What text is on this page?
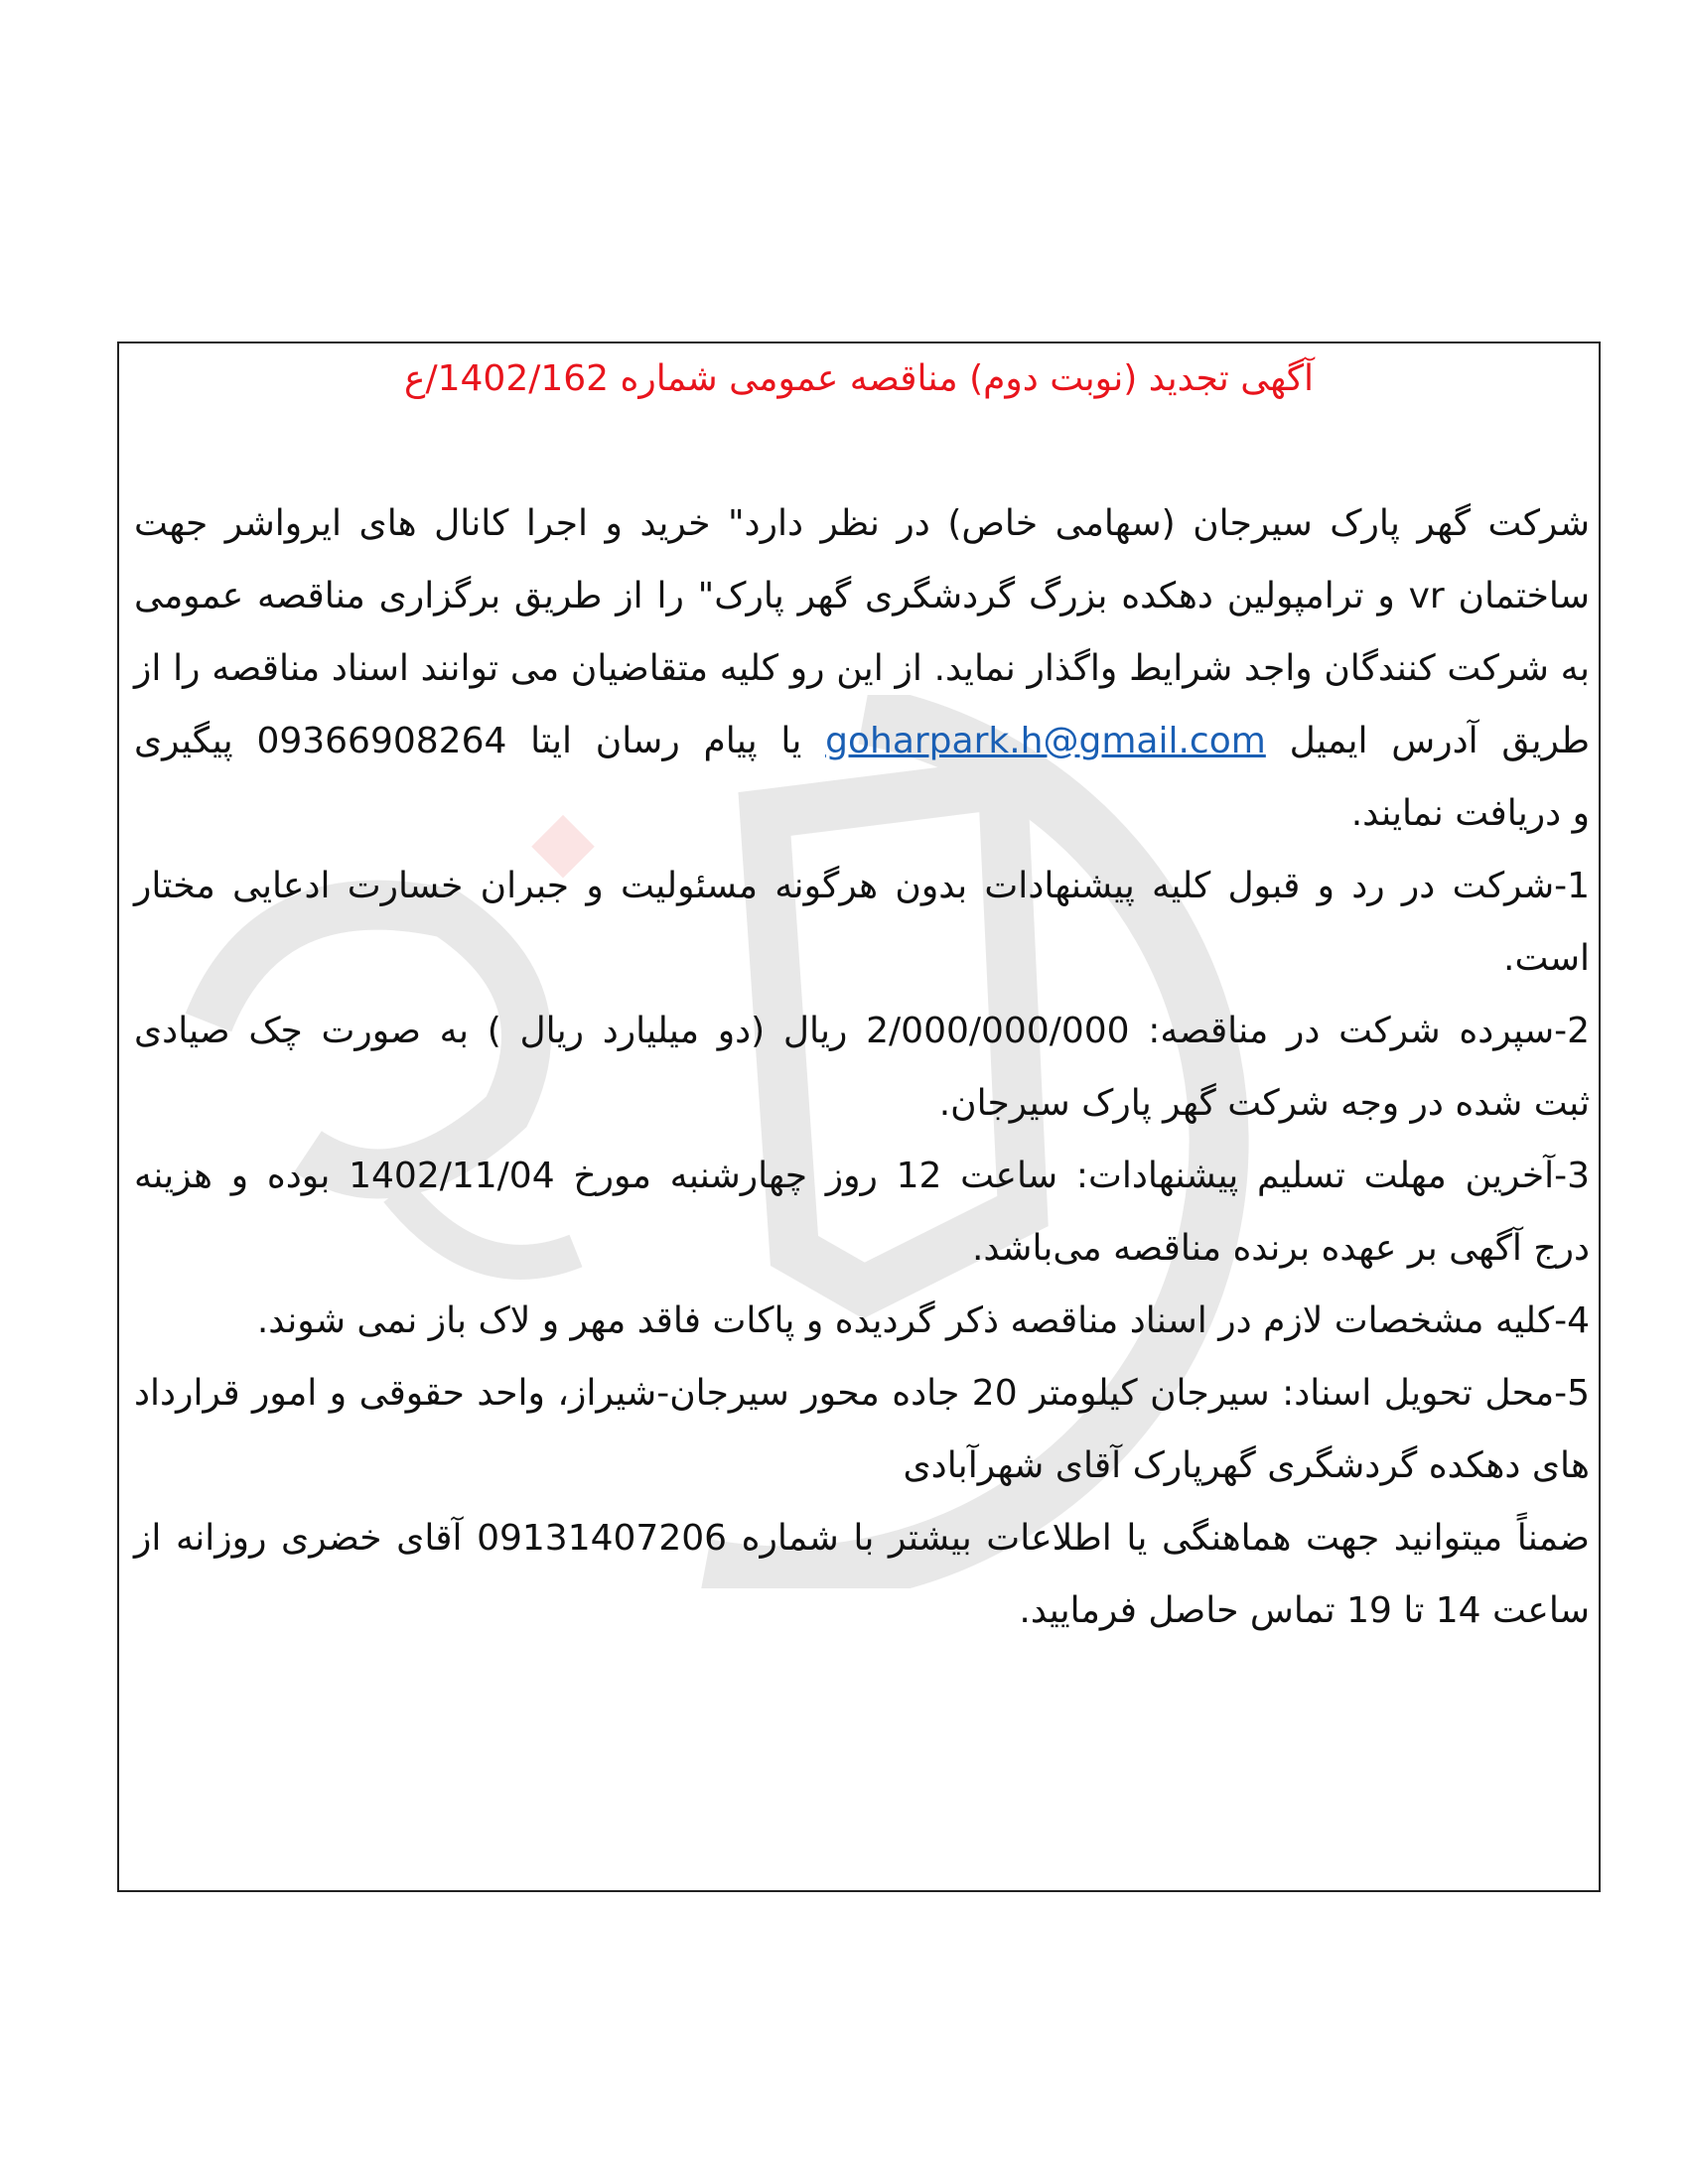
آگهی تجدید (نوبت دوم) مناقصه عمومی شماره 1402/162/ع
شرکت گهر پارک سیرجان (سهامی خاص) در نظر دارد" خرید و اجرا کانال های ایرواشر جهت
ساختمان vr و ترامپولین دهکده بزرگ گردشگری گهر پارک" را از طریق برگزاری مناقصه عمومی
به شرکت کنندگان واجد شرایط واگذار نماید. از این رو کلیه متقاضیان می توانند اسناد مناقصه را از
طریق آدرس ایمیل goharpark.h@gmail.com یا پیام رسان ایتا 09366908264 پیگیری
و دریافت نمایند.
1-شرکت در رد و قبول کلیه پیشنهادات بدون هرگونه مسئولیت و جبران خسارت ادعایی مختار
است.
2-سپرده شرکت در مناقصه: 2/000/000/000 ریال (دو میلیارد ریال ) به صورت چک صیادی
ثبت شده در وجه شرکت گهر پارک سیرجان.
3-آخرین مهلت تسلیم پیشنهادات: ساعت 12 روز چهارشنبه مورخ 1402/11/04 بوده و هزینه
درج آگهی بر عهده برنده مناقصه می‌باشد.
4-کلیه مشخصات لازم در اسناد مناقصه ذکر گردیده و پاکات فاقد مهر و لاک باز نمی شوند.
5-محل تحویل اسناد: سیرجان کیلومتر 20 جاده محور سیرجان-شیراز، واحد حقوقی و امور قرارداد
های دهکده گردشگری گهرپارک آقای شهرآبادی
ضمناً میتوانید جهت هماهنگی یا اطلاعات بیشتر با شماره 09131407206 آقای خضری روزانه از
ساعت 14 تا 19 تماس حاصل فرمایید.
